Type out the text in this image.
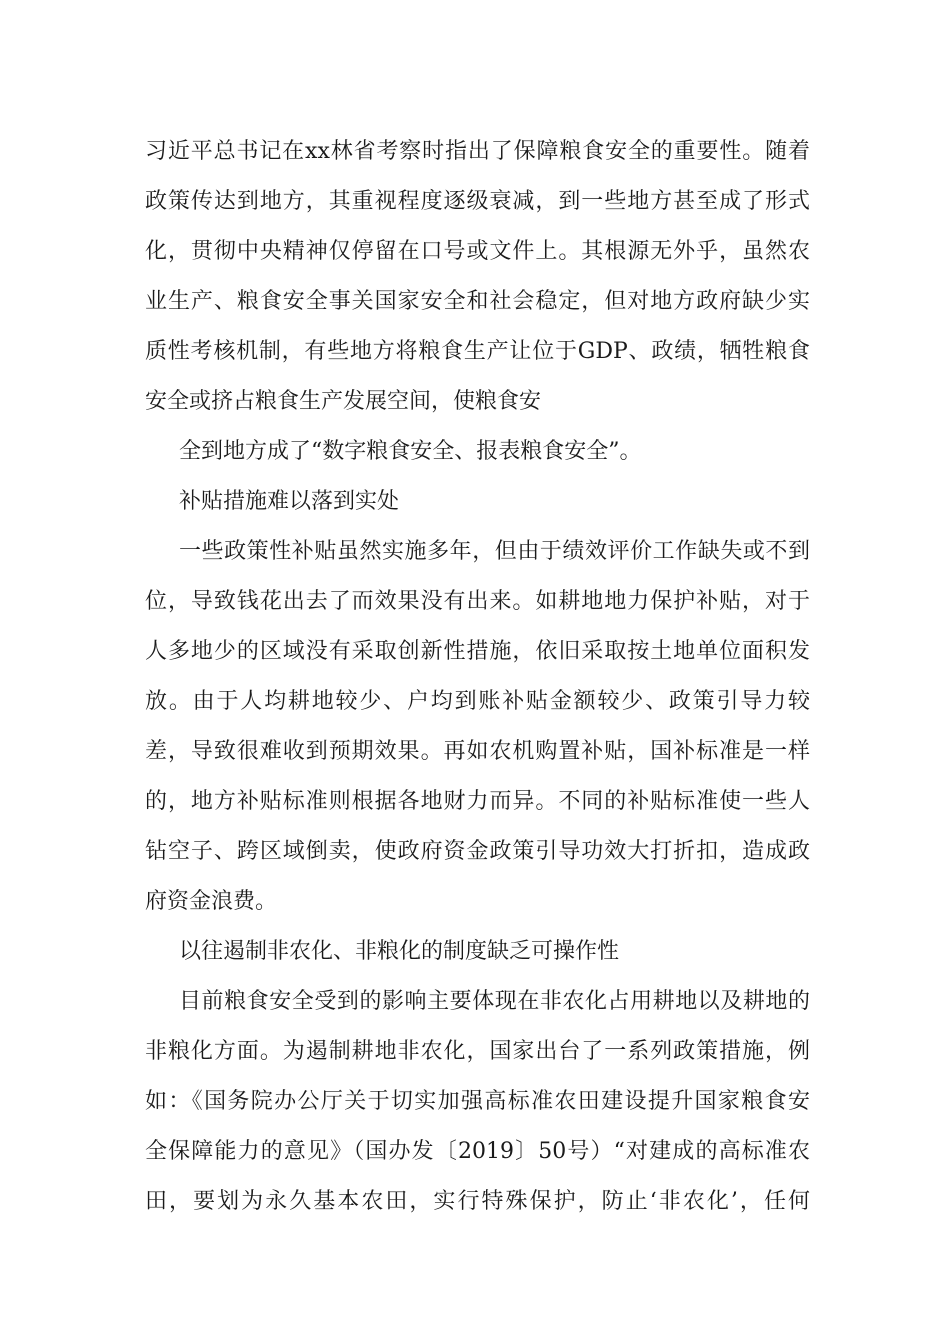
习近平总书记在xx林省考察时指出了保障粮食安全的重要性。随着
政策传达到地方，其重视程度逐级衰减，到一些地方甚至成了形式
化，贯彻中央精神仅停留在口号或文件上。其根源无外乎，虽然农
业生产、粮食安全事关国家安全和社会稳定，但对地方政府缺少实
质性考核机制，有些地方将粮食生产让位于GDP、政绩，牺牲粮食
安全或挤占粮食生产发展空间，使粮食安
全到地方成了“数字粮食安全、报表粮食安全”。
补贴措施难以落到实处
一些政策性补贴虽然实施多年，但由于绩效评价工作缺失或不到
位，导致钱花出去了而效果没有出来。如耕地地力保护补贴，对于
人多地少的区域没有采取创新性措施，依旧采取按土地单位面积发
放。由于人均耕地较少、户均到账补贴金额较少、政策引导力较
差，导致很难收到预期效果。再如农机购置补贴，国补标准是一样
的，地方补贴标准则根据各地财力而异。不同的补贴标准使一些人
钻空子、跨区域倒卖，使政府资金政策引导功效大打折扣，造成政
府资金浪费。
以往遏制非农化、非粮化的制度缺乏可操作性
目前粮食安全受到的影响主要体现在非农化占用耕地以及耕地的
非粮化方面。为遏制耕地非农化，国家出台了一系列政策措施，例
如：《国务院办公厅关于切实加强高标准农田建设提升国家粮食安
全保障能力的意见》（国办发〔2019〕50号）“对建成的高标准农
田，要划为永久基本农田，实行特殊保护，防止‘非农化’，任何
